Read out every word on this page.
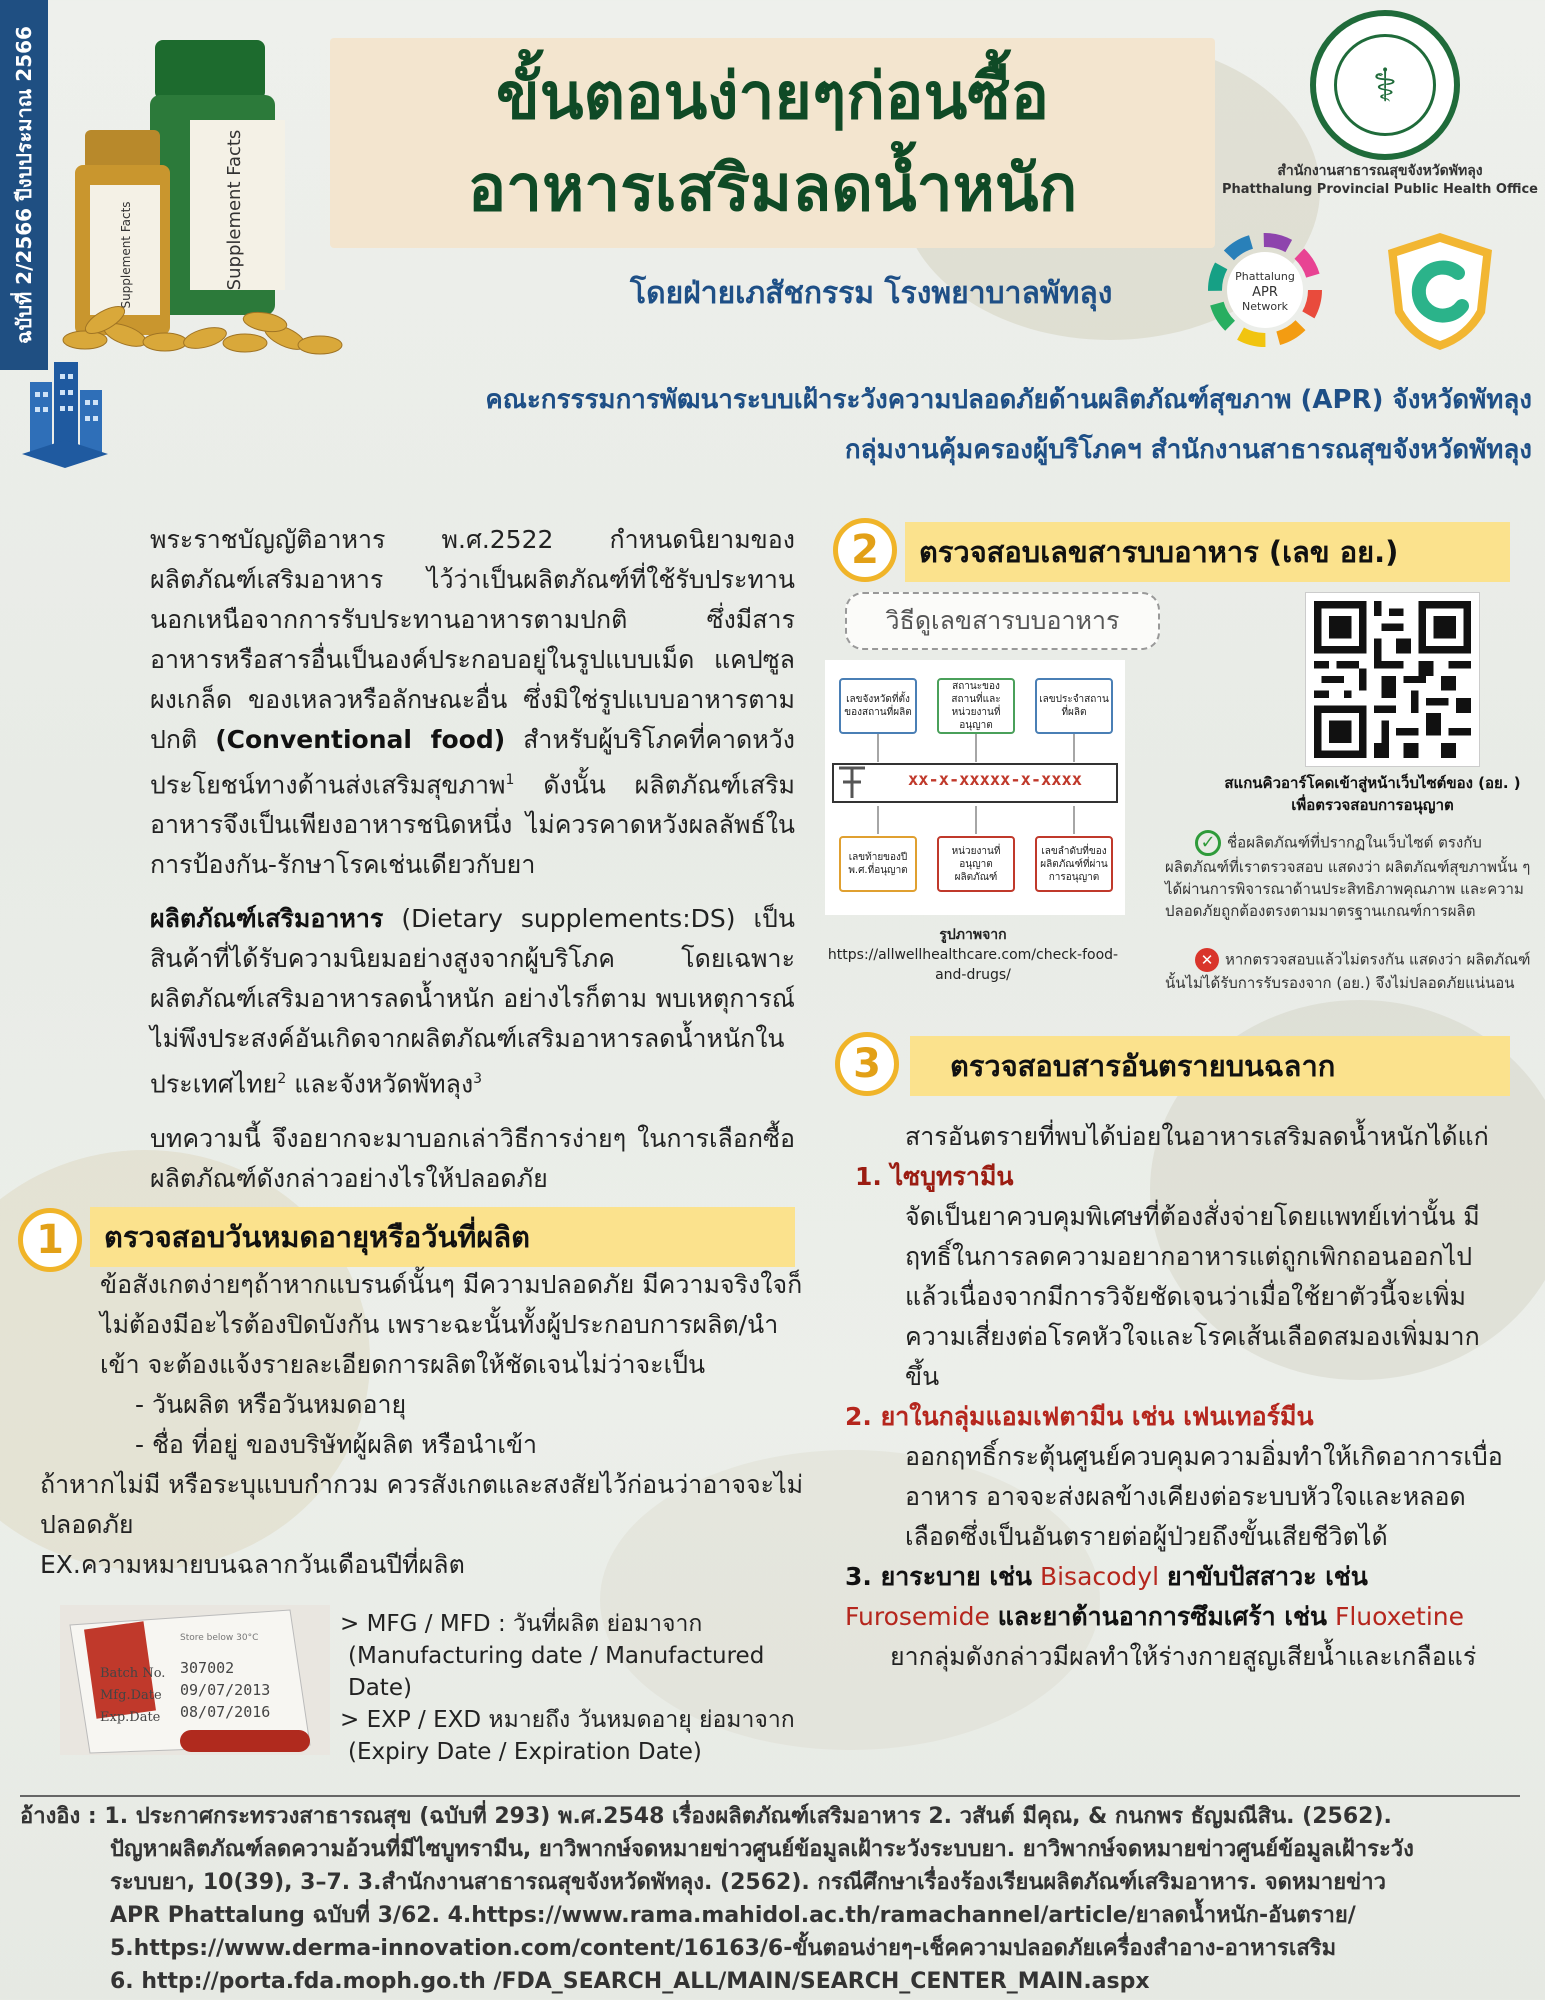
ฉบับที่ 2/2566 ปีงบประมาณ 2566	Supplement Facts
Supplement Facts
ขั้นตอนง่ายๆก่อนซื้อ
อาหารเสริมลดน้ำหนัก
โดยฝ่ายเภสัชกรรม โรงพยาบาลพัทลุง
⚕
สำนักงานสาธารณสุขจังหวัดพัทลุง
Phatthalung Provincial Public Health Office
Phattalung
APR
Network
คณะกรรรมการพัฒนาระบบเฝ้าระวังความปลอดภัยด้านผลิตภัณฑ์สุขภาพ (APR) จังหวัดพัทลุง
กลุ่มงานคุ้มครองผู้บริโภคฯ สำนักงานสาธารณสุขจังหวัดพัทลุง

พระราชบัญญัติอาหาร พ.ศ.2522 กำหนดนิยามของผลิตภัณฑ์เสริมอาหาร ไว้ว่าเป็นผลิตภัณฑ์ที่ใช้รับประทานนอกเหนือจากการรับประทานอาหารตามปกติ ซึ่งมีสารอาหารหรือสารอื่นเป็นองค์ประกอบอยู่ในรูปแบบเม็ด แคปซูล ผงเกล็ด ของเหลวหรือลักษณะอื่น ซึ่งมิใช่รูปแบบอาหารตามปกติ (Conventional food) สำหรับผู้บริโภคที่คาดหวังประโยชน์ทางด้านส่งเสริมสุขภาพ$^1$ ดังนั้น ผลิตภัณฑ์เสริมอาหารจึงเป็นเพียงอาหารชนิดหนึ่ง ไม่ควรคาดหวังผลลัพธ์ในการป้องกัน-รักษาโรคเช่นเดียวกับยา

ผลิตภัณฑ์เสริมอาหาร (Dietary supplements:DS) เป็นสินค้าที่ได้รับความนิยมอย่างสูงจากผู้บริโภค โดยเฉพาะผลิตภัณฑ์เสริมอาหารลดน้ำหนัก อย่างไรก็ตาม พบเหตุการณ์ไม่พึงประสงค์อันเกิดจากผลิตภัณฑ์เสริมอาหารลดน้ำหนักในประเทศไทย$^2$ และจังหวัดพัทลุง$^3$

บทความนี้ จึงอยากจะมาบอกเล่าวิธีการง่ายๆ ในการเลือกซื้อผลิตภัณฑ์ดังกล่าวอย่างไรให้ปลอดภัย

1	ตรวจสอบวันหมดอายุหรือวันที่ผลิต

ข้อสังเกตง่ายๆถ้าหากแบรนด์นั้นๆ มีความปลอดภัย มีความจริงใจก็ไม่ต้องมีอะไรต้องปิดบังกัน เพราะฉะนั้นทั้งผู้ประกอบการผลิต/นำเข้า จะต้องแจ้งรายละเอียดการผลิตให้ชัดเจนไม่ว่าจะเป็น

- วันผลิต หรือวันหมดอายุ

- ชื่อ ที่อยู่ ของบริษัทผู้ผลิต หรือนำเข้า

ถ้าหากไม่มี หรือระบุแบบกำกวม ควรสังเกตและสงสัยไว้ก่อนว่าอาจจะไม่ปลอดภัย

EX.ความหมายบนฉลากวันเดือนปีที่ผลิต

Store below 30°C
Batch No. 307002
Mfg.Date 09/07/2013
Exp.Date 08/07/2016

> MFG / MFD : วันที่ผลิต ย่อมาจาก

(Manufacturing date / Manufactured Date)

> EXP / EXD หมายถึง วันหมดอายุ ย่อมาจาก

(Expiry Date / Expiration Date)

2	ตรวจสอบเลขสารบบอาหาร (เลข อย.)
วิธีดูเลขสารบบอาหาร
เลขจังหวัดที่ตั้งของสถานที่ผลิต
สถานะของสถานที่และหน่วยงานที่อนุญาต
เลขประจำสถานที่ผลิต
xx-x-xxxxx-x-xxxx
เลขท้ายของปี พ.ศ.ที่อนุญาต
หน่วยงานที่อนุญาตผลิตภัณฑ์
เลขลำดับที่ของผลิตภัณฑ์ที่ผ่านการอนุญาต
รูปภาพจาก https://allwellhealthcare.com/check-food-and-drugs/
สแกนคิวอาร์โคดเข้าสู่หน้าเว็บไซต์ของ (อย. )
เพื่อตรวจสอบการอนุญาต
✓ ชื่อผลิตภัณฑ์ที่ปรากฏในเว็บไซต์ ตรงกับผลิตภัณฑ์ที่เราตรวจสอบ แสดงว่า ผลิตภัณฑ์สุขภาพนั้น ๆ ได้ผ่านการพิจารณาด้านประสิทธิภาพคุณภาพ และความปลอดภัยถูกต้องตรงตามมาตรฐานเกณฑ์การผลิต
✕ หากตรวจสอบแล้วไม่ตรงกัน แสดงว่า ผลิตภัณฑ์นั้นไม่ได้รับการรับรองจาก (อย.) จึงไม่ปลอดภัยแน่นอน
3	ตรวจสอบสารอันตรายบนฉลาก

สารอันตรายที่พบได้บ่อยในอาหารเสริมลดน้ำหนักได้แก่

1. ไซบูทรามีน

จัดเป็นยาควบคุมพิเศษที่ต้องสั่งจ่ายโดยแพทย์เท่านั้น มีฤทธิ์ในการลดความอยากอาหารแต่ถูกเพิกถอนออกไปแล้วเนื่องจากมีการวิจัยชัดเจนว่าเมื่อใช้ยาตัวนี้จะเพิ่มความเสี่ยงต่อโรคหัวใจและโรคเส้นเลือดสมองเพิ่มมากขึ้น

2. ยาในกลุ่มแอมเฟตามีน เช่น เฟนเทอร์มีน

ออกฤทธิ์กระตุ้นศูนย์ควบคุมความอิ่มทำให้เกิดอาการเบื่ออาหาร อาจจะส่งผลข้างเคียงต่อระบบหัวใจและหลอดเลือดซึ่งเป็นอันตรายต่อผู้ป่วยถึงขั้นเสียชีวิตได้

3. ยาระบาย เช่น Bisacodyl ยาขับปัสสาวะ เช่น Furosemide และยาต้านอาการซึมเศร้า เช่น Fluoxetine

ยากลุ่มดังกล่าวมีผลทำให้ร่างกายสูญเสียน้ำและเกลือแร่

อ้างอิง : 1. ประกาศกระทรวงสาธารณสุข (ฉบับที่ 293) พ.ศ.2548 เรื่องผลิตภัณฑ์เสริมอาหาร 2. วสันต์ มีคุณ, & กนกพร ธัญมณีสิน. (2562).
ปัญหาผลิตภัณฑ์ลดความอ้วนที่มีไซบูทรามีน, ยาวิพากษ์จดหมายข่าวศูนย์ข้อมูลเฝ้าระวังระบบยา. ยาวิพากษ์จดหมายข่าวศูนย์ข้อมูลเฝ้าระวัง
ระบบยา, 10(39), 3–7. 3.สำนักงานสาธารณสุขจังหวัดพัทลุง. (2562). กรณีศึกษาเรื่องร้องเรียนผลิตภัณฑ์เสริมอาหาร. จดหมายข่าว
APR Phattalung ฉบับที่ 3/62. 4.https://www.rama.mahidol.ac.th/ramachannel/article/ยาลดน้ำหนัก-อันตราย/
5.https://www.derma-innovation.com/content/16163/6-ขั้นตอนง่ายๆ-เช็คความปลอดภัยเครื่องสำอาง-อาหารเสริม
6. http://porta.fda.moph.go.th /FDA_SEARCH_ALL/MAIN/SEARCH_CENTER_MAIN.aspx
